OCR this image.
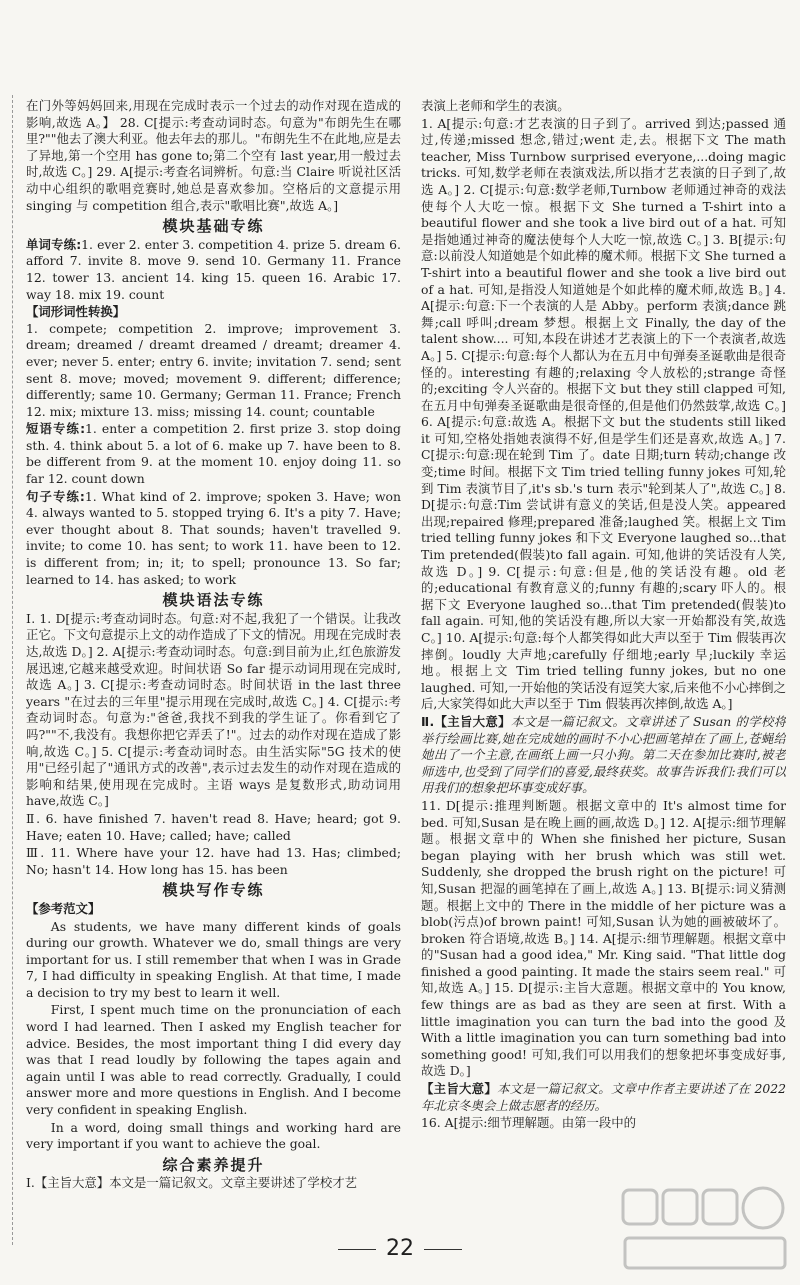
在门外等妈妈回来,用现在完成时表示一个过去的动作对现在造成的影响,故选 A。】 28. C[提示:考查动词时态。句意为"布朗先生在哪里?""他去了澳大利亚。他去年去的那儿。"布朗先生不在此地,应是去了异地,第一个空用 has gone to;第二个空有 last year,用一般过去时,故选 C。] 29. A[提示:考查名词辨析。句意:当 Claire 听说社区活动中心组织的歌唱竞赛时,她总是喜欢参加。空格后的文意提示用 singing 与 competition 组合,表示"歌唱比赛",故选 A。]

模块基础专练

单词专练:1. ever 2. enter 3. competition 4. prize 5. dream 6. afford 7. invite 8. move 9. send 10. Germany 11. France 12. tower 13. ancient 14. king 15. queen 16. Arabic 17. way 18. mix 19. count

【词形词性转换】
1. compete; competition 2. improve; improvement 3. dream; dreamed / dreamt dreamed / dreamt; dreamer 4. ever; never 5. enter; entry 6. invite; invitation 7. send; sent sent 8. move; moved; movement 9. different; difference; differently; same 10. Germany; German 11. France; French 12. mix; mixture 13. miss; missing 14. count; countable

短语专练:1. enter a competition 2. first prize 3. stop doing sth. 4. think about 5. a lot of 6. make up 7. have been to 8. be different from 9. at the moment 10. enjoy doing 11. so far 12. count down

句子专练:1. What kind of 2. improve; spoken 3. Have; won 4. always wanted to 5. stopped trying 6. It's a pity 7. Have; ever thought about 8. That sounds; haven't travelled 9. invite; to come 10. has sent; to work 11. have been to 12. is different from; in; it; to spell; pronounce 13. So far; learned to 14. has asked; to work

模块语法专练

Ⅰ. 1. D[提示:考查动词时态。句意:对不起,我犯了一个错误。让我改正它。下文句意提示上文的动作造成了下文的情况。用现在完成时表达,故选 D。] 2. A[提示:考查动词时态。句意:到目前为止,红色旅游发展迅速,它越来越受欢迎。时间状语 So far 提示动词用现在完成时,故选 A。] 3. C[提示:考查动词时态。时间状语 in the last three years "在过去的三年里"提示用现在完成时,故选 C。] 4. C[提示:考查动词时态。句意为:"爸爸,我找不到我的学生证了。你看到它了吗?""不,我没有。我想你把它弄丢了!"。过去的动作对现在造成了影响,故选 C。] 5. C[提示:考查动词时态。由生活实际"5G 技术的使用"已经引起了"通讯方式的改善",表示过去发生的动作对现在造成的影响和结果,使用现在完成时。主语 ways 是复数形式,助动词用 have,故选 C。]

Ⅱ. 6. have finished 7. haven't read 8. Have; heard; got 9. Have; eaten 10. Have; called; have; called

Ⅲ. 11. Where have your 12. have had 13. Has; climbed; No; hasn't 14. How long has 15. has been

模块写作专练

【参考范文】

As students, we have many different kinds of goals during our growth. Whatever we do, small things are very important for us. I still remember that when I was in Grade 7, I had difficulty in speaking English. At that time, I made a decision to try my best to learn it well.

First, I spent much time on the pronunciation of each word I had learned. Then I asked my English teacher for advice. Besides, the most important thing I did every day was that I read loudly by following the tapes again and again until I was able to read correctly. Gradually, I could answer more and more questions in English. And I become very confident in speaking English.

In a word, doing small things and working hard are very important if you want to achieve the goal.

综合素养提升

Ⅰ.【主旨大意】本文是一篇记叙文。文章主要讲述了学校才艺

表演上老师和学生的表演。

1. A[提示:句意:才艺表演的日子到了。arrived 到达;passed 通过,传递;missed 想念,错过;went 走,去。根据下文 The math teacher, Miss Turnbow surprised everyone,...doing magic tricks. 可知,数学老师在表演戏法,所以指才艺表演的日子到了,故选 A。] 2. C[提示:句意:数学老师,Turnbow 老师通过神奇的戏法使每个人大吃一惊。根据下文 She turned a T-shirt into a beautiful flower and she took a live bird out of a hat. 可知是指她通过神奇的魔法使每个人大吃一惊,故选 C。] 3. B[提示:句意:以前没人知道她是个如此棒的魔术师。根据下文 She turned a T-shirt into a beautiful flower and she took a live bird out of a hat. 可知,是指没人知道她是个如此棒的魔术师,故选 B。] 4. A[提示:句意:下一个表演的人是 Abby。perform 表演;dance 跳舞;call 呼叫;dream 梦想。根据上文 Finally, the day of the talent show.... 可知,本段在讲述才艺表演上的下一个表演者,故选 A。] 5. C[提示:句意:每个人都认为在五月中旬弹奏圣诞歌曲是很奇怪的。interesting 有趣的;relaxing 令人放松的;strange 奇怪的;exciting 令人兴奋的。根据下文 but they still clapped 可知,在五月中旬弹奏圣诞歌曲是很奇怪的,但是他们仍然鼓掌,故选 C。] 6. A[提示:句意:故选 A。根据下文 but the students still liked it 可知,空格处指她表演得不好,但是学生们还是喜欢,故选 A。] 7. C[提示:句意:现在轮到 Tim 了。date 日期;turn 转动;change 改变;time 时间。根据下文 Tim tried telling funny jokes 可知,轮到 Tim 表演节目了,it's sb.'s turn 表示"轮到某人了",故选 C。] 8. D[提示:句意:Tim 尝试讲有意义的笑话,但是没人笑。appeared 出现;repaired 修理;prepared 准备;laughed 笑。根据上文 Tim tried telling funny jokes 和下文 Everyone laughed so...that Tim pretended(假装)to fall again. 可知,他讲的笑话没有人笑,故选 D。] 9. C[提示:句意:但是,他的笑话没有趣。old 老的;educational 有教育意义的;funny 有趣的;scary 吓人的。根据下文 Everyone laughed so...that Tim pretended(假装)to fall again. 可知,他的笑话没有趣,所以大家一开始都没有笑,故选 C。] 10. A[提示:句意:每个人都笑得如此大声以至于 Tim 假装再次摔倒。loudly 大声地;carefully 仔细地;early 早;luckily 幸运地。根据上文 Tim tried telling funny jokes, but no one laughed. 可知,一开始他的笑话没有逗笑大家,后来他不小心摔倒之后,大家笑得如此大声以至于 Tim 假装再次摔倒,故选 A。]

Ⅱ.【主旨大意】本文是一篇记叙文。文章讲述了 Susan 的学校将举行绘画比赛,她在完成她的画时不小心把画笔掉在了画上,苍蝇给她出了一个主意,在画纸上画一只小狗。第二天在参加比赛时,被老师选中,也受到了同学们的喜爱,最终获奖。故事告诉我们:我们可以用我们的想象把坏事变成好事。

11. D[提示:推理判断题。根据文章中的 It's almost time for bed. 可知,Susan 是在晚上画的画,故选 D。] 12. A[提示:细节理解题。根据文章中的 When she finished her picture, Susan began playing with her brush which was still wet. Suddenly, she dropped the brush right on the picture! 可知,Susan 把湿的画笔掉在了画上,故选 A。] 13. B[提示:词义猜测题。根据上文中的 There in the middle of her picture was a blob(污点)of brown paint! 可知,Susan 认为她的画被破坏了。broken 符合语境,故选 B。] 14. A[提示:细节理解题。根据文章中的"Susan had a good idea," Mr. King said. "That little dog finished a good painting. It made the stairs seem real." 可知,故选 A。] 15. D[提示:主旨大意题。根据文章中的 You know, few things are as bad as they are seen at first. With a little imagination you can turn the bad into the good 及 With a little imagination you can turn something bad into something good! 可知,我们可以用我们的想象把坏事变成好事,故选 D。]

【主旨大意】本文是一篇记叙文。文章中作者主要讲述了在 2022 年北京冬奥会上做志愿者的经历。

16. A[提示:细节理解题。由第一段中的

22
